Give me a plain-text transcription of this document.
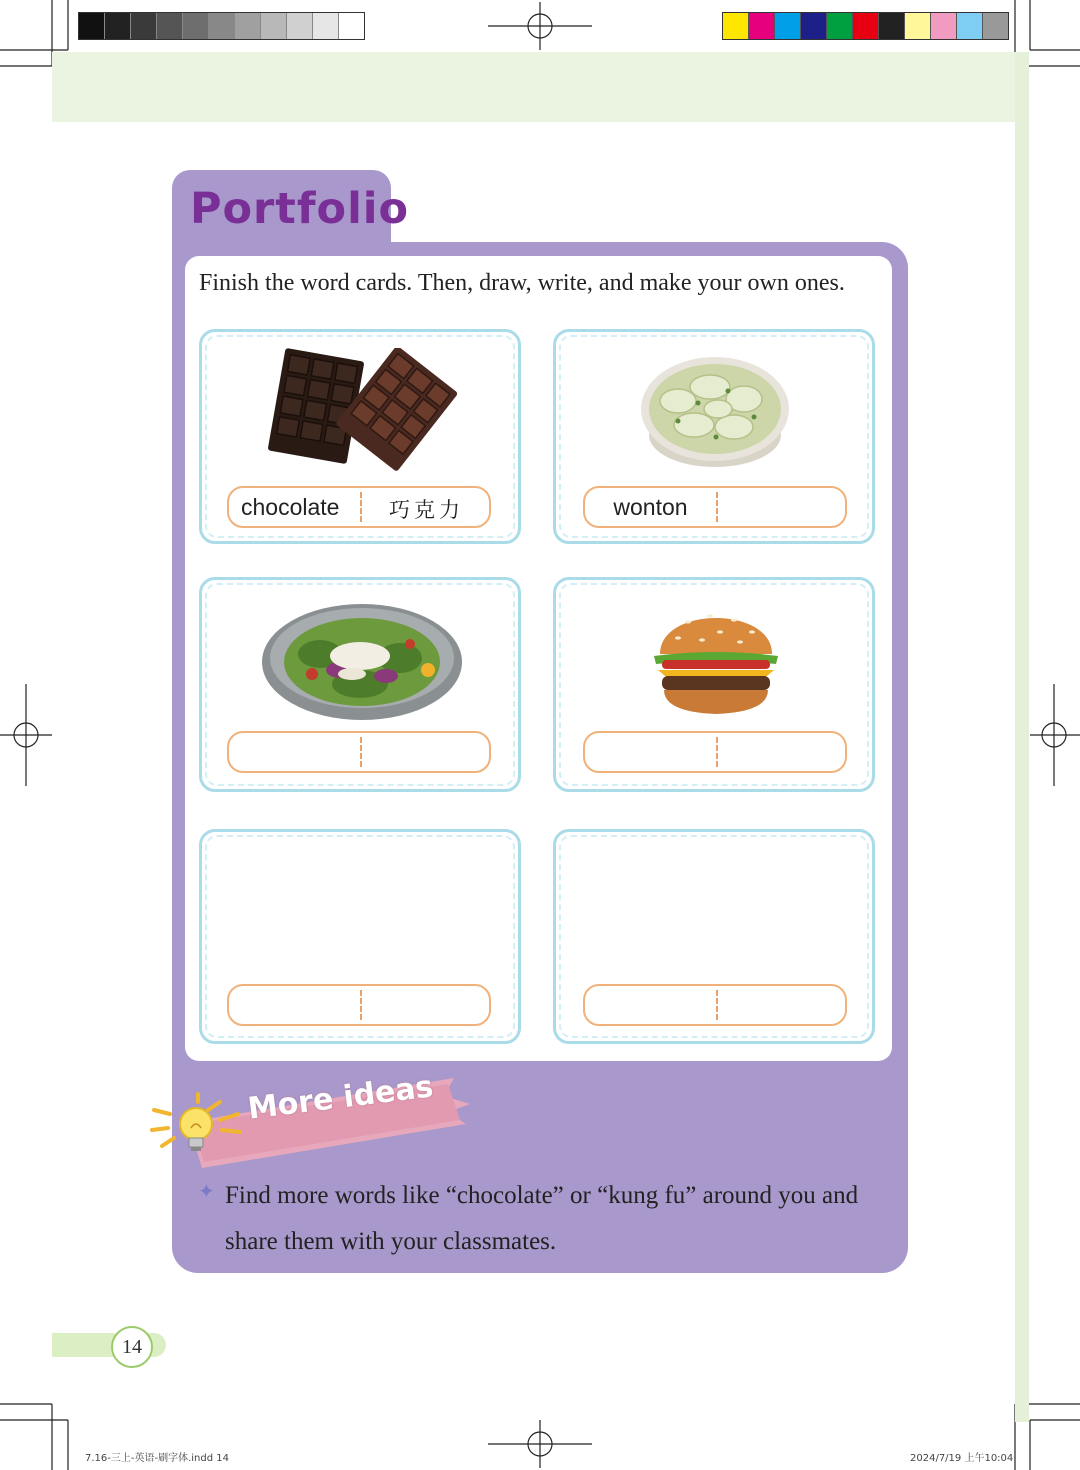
Portfolio
Finish the word cards. Then, draw, write, and make your own ones.
chocolate 巧克力	wonton
More ideas
✦ Find more words like “chocolate” or “kung fu” around you and share them with your classmates.
14
7.16-三上-英语-刷字体.indd 14	2024/7/19 上午10:04
